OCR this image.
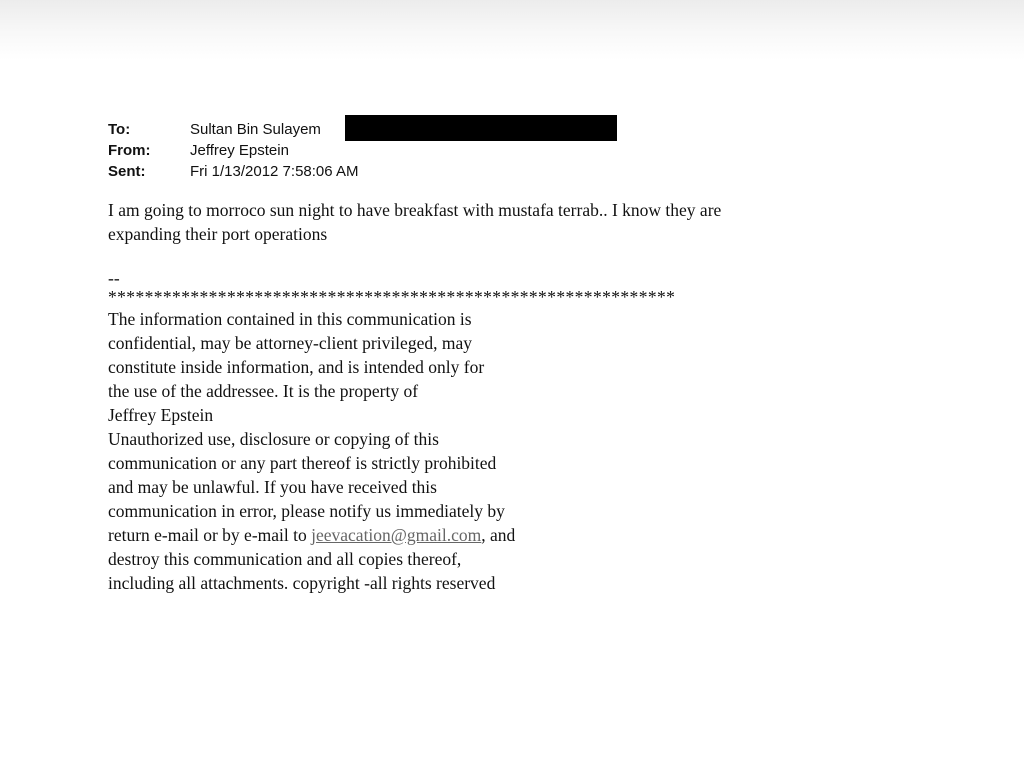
To:	Sultan Bin Sulayem
From:	Jeffrey Epstein
Sent:	Fri 1/13/2012 7:58:06 AM
I am going to morroco sun night to have breakfast with mustafa terrab.. I know they are
expanding their port operations
--
**************************************************************
The information contained in this communication is
confidential, may be attorney-client privileged, may
constitute inside information, and is intended only for
the use of the addressee. It is the property of
Jeffrey Epstein
Unauthorized use, disclosure or copying of this
communication or any part thereof is strictly prohibited
and may be unlawful. If you have received this
communication in error, please notify us immediately by
return e-mail or by e-mail to jeevacation@gmail.com, and
destroy this communication and all copies thereof,
including all attachments. copyright -all rights reserved
